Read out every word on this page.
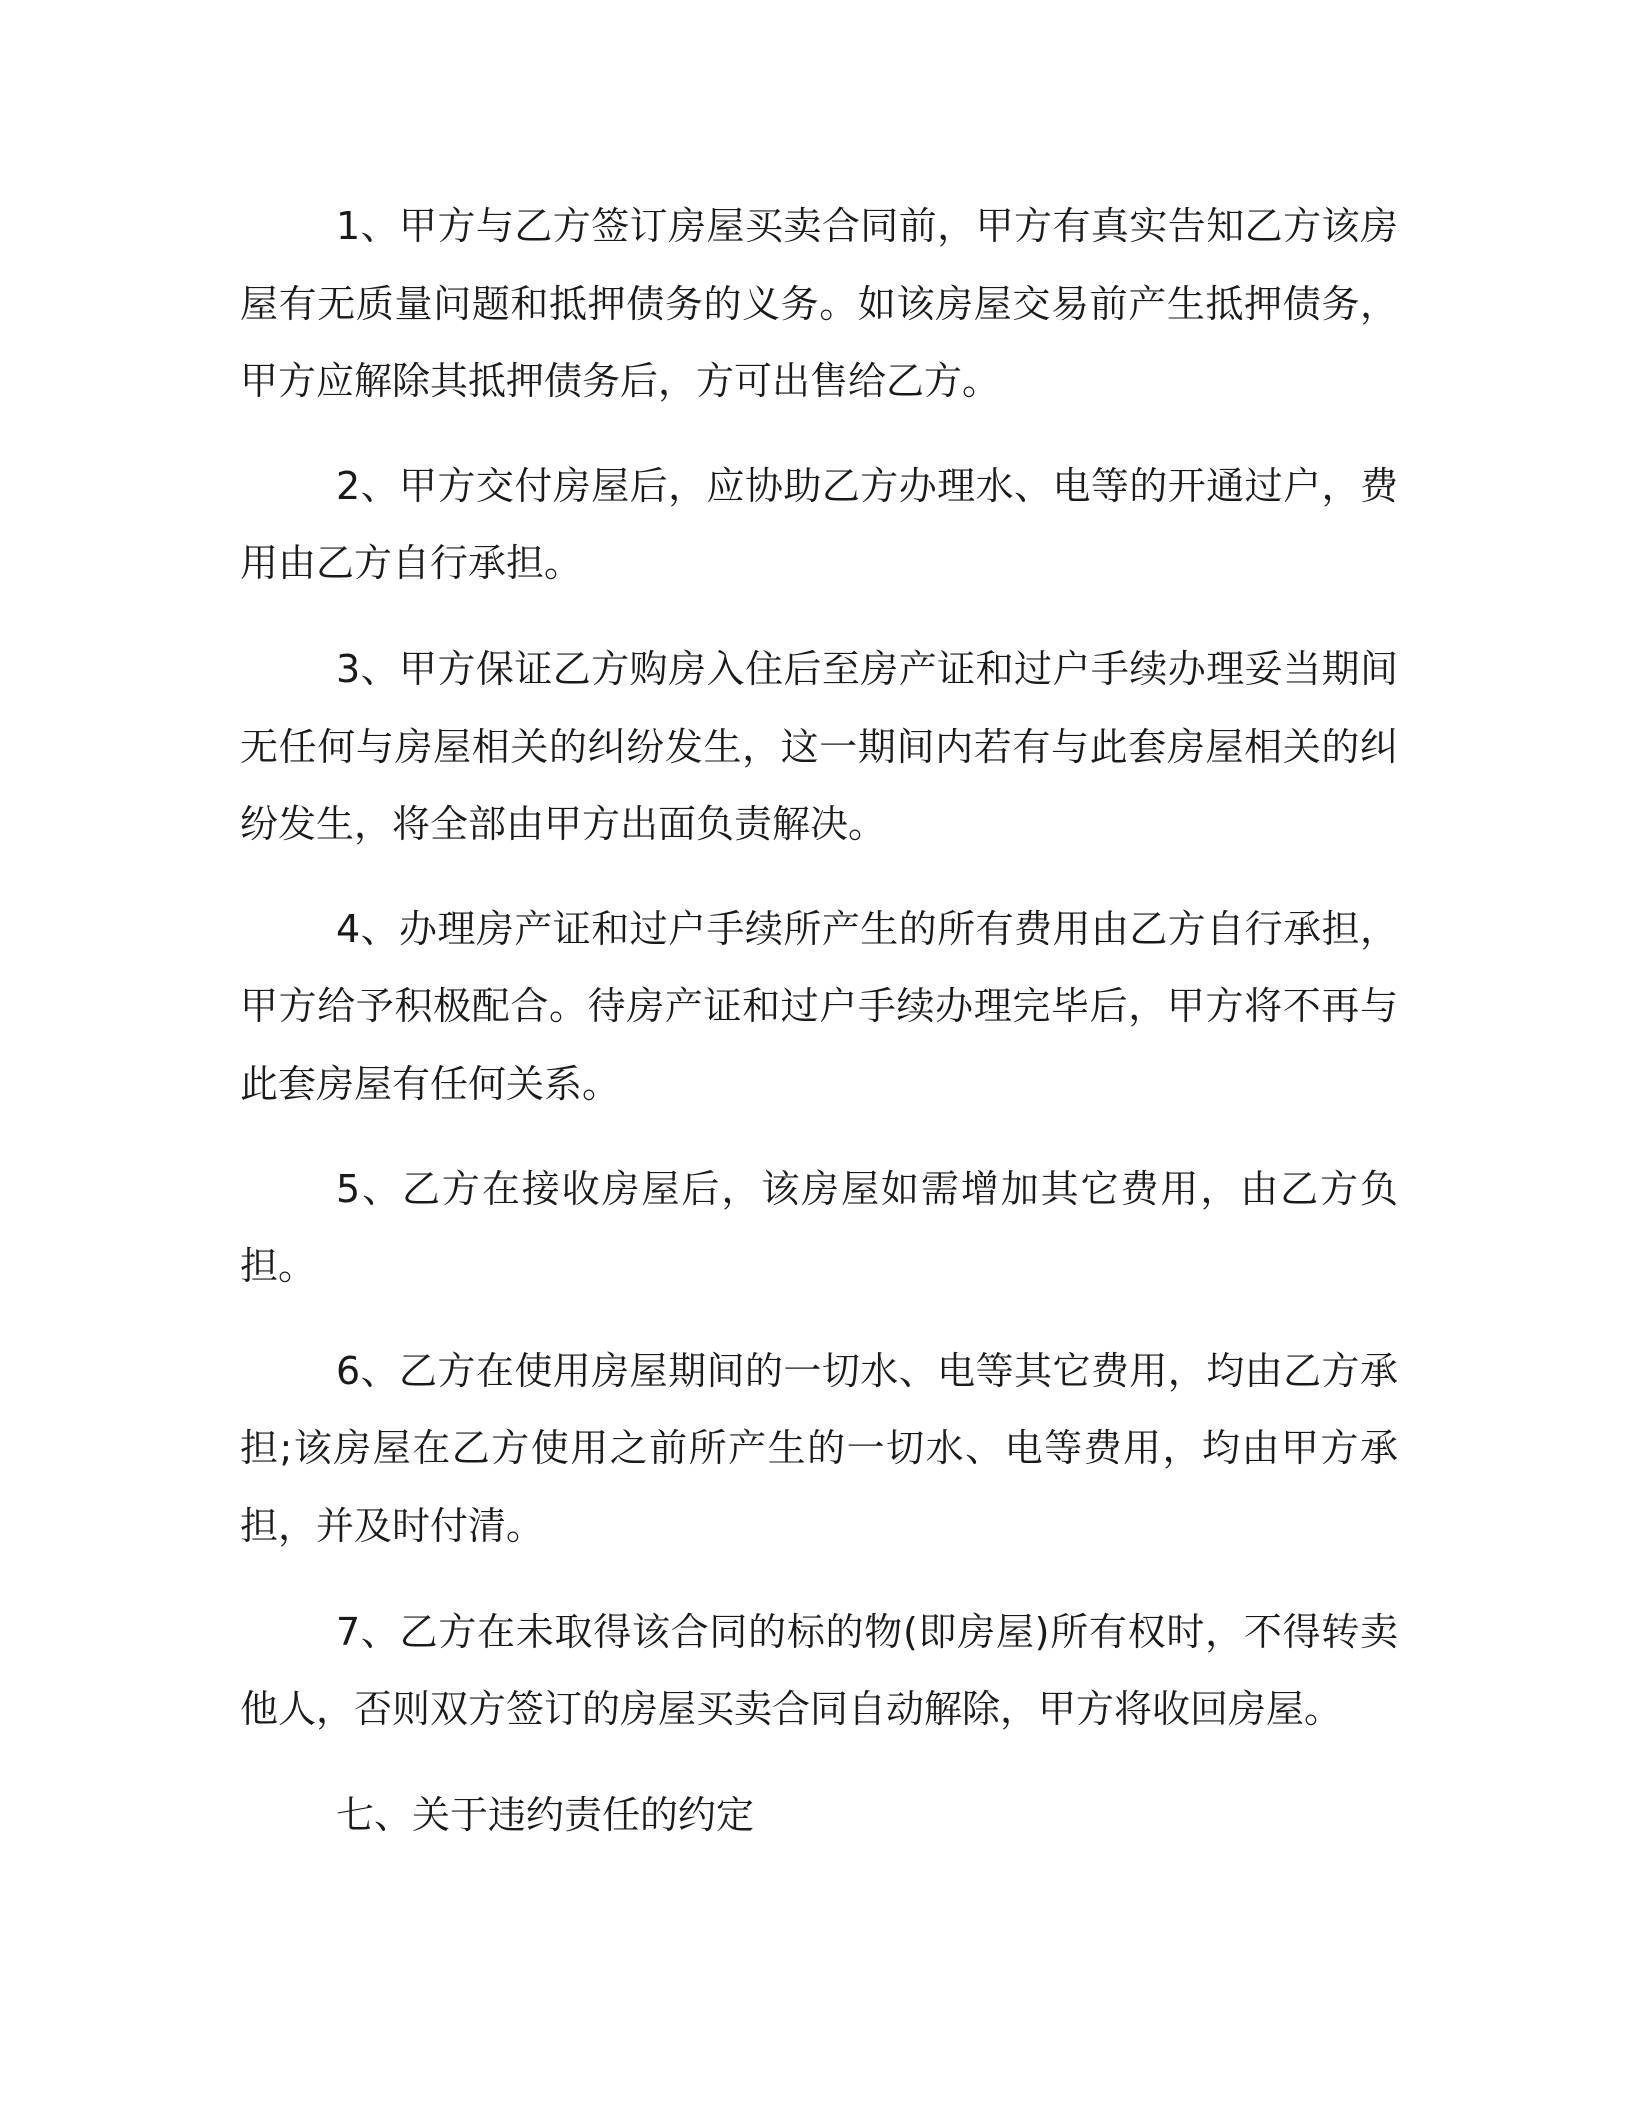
1、甲方与乙方签订房屋买卖合同前，甲方有真实告知乙方该房屋有无质量问题和抵押债务的义务。如该房屋交易前产生抵押债务，甲方应解除其抵押债务后，方可出售给乙方。

2、甲方交付房屋后，应协助乙方办理水、电等的开通过户，费用由乙方自行承担。

3、甲方保证乙方购房入住后至房产证和过户手续办理妥当期间无任何与房屋相关的纠纷发生，这一期间内若有与此套房屋相关的纠纷发生，将全部由甲方出面负责解决。

4、办理房产证和过户手续所产生的所有费用由乙方自行承担，甲方给予积极配合。待房产证和过户手续办理完毕后，甲方将不再与此套房屋有任何关系。

5、乙方在接收房屋后，该房屋如需增加其它费用，由乙方负担。

6、乙方在使用房屋期间的一切水、电等其它费用，均由乙方承担;该房屋在乙方使用之前所产生的一切水、电等费用，均由甲方承担，并及时付清。

7、乙方在未取得该合同的标的物(即房屋)所有权时，不得转卖他人，否则双方签订的房屋买卖合同自动解除，甲方将收回房屋。

七、关于违约责任的约定
